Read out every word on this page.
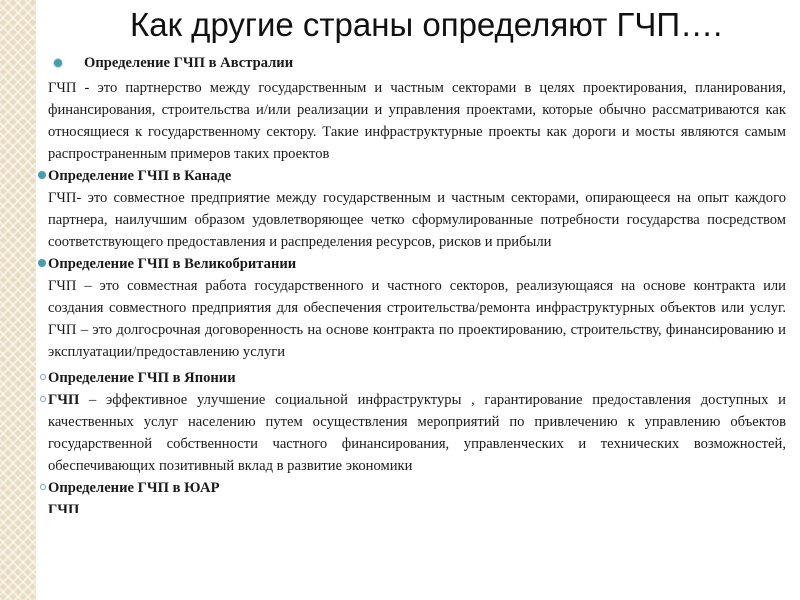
Как другие страны определяют ГЧП….
Определение ГЧП в Австралии
ГЧП - это партнерство между государственным и частным секторами в целях проектирования, планирования, финансирования, строительства и/или реализации и управления проектами, которые обычно рассматриваются как относящиеся к государственному сектору. Такие инфраструктурные проекты как дороги и мосты являются самым распространенным примеров таких проектов
Определение ГЧП в Канаде
ГЧП- это совместное предприятие между государственным и частным секторами, опирающееся на опыт каждого партнера, наилучшим образом удовлетворяющее четко сформулированные потребности государства посредством соответствующего предоставления и распределения ресурсов, рисков и прибыли
Определение ГЧП в Великобритании
ГЧП – это совместная работа государственного и частного секторов, реализующаяся на основе контракта или создания совместного предприятия для обеспечения строительства/ремонта инфраструктурных объектов или услуг. ГЧП – это долгосрочная договоренность на основе контракта по проектированию, строительству, финансированию и
эксплуатации/предоставлению услуги
Определение ГЧП в Японии
ГЧП – эффективное улучшение социальной инфраструктуры , гарантирование предоставления доступных и качественных услуг населению путем осуществления мероприятий по привлечению к управлению объектов государственной собственности частного финансирования, управленческих и технических возможностей, обеспечивающих позитивный вклад в развитие экономики
Определение ГЧП в ЮАР
ГЧП
